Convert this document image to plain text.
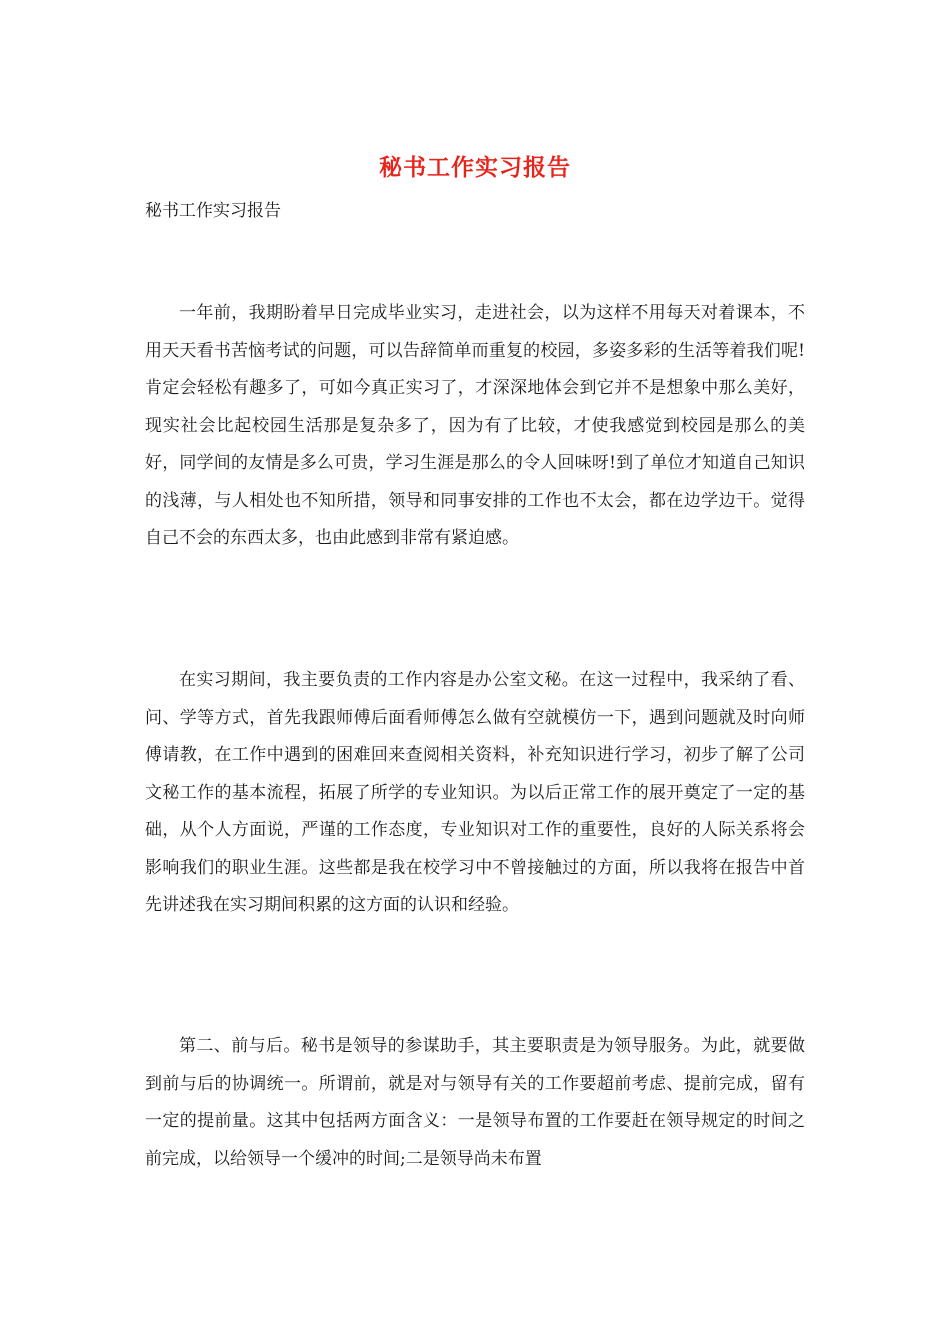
秘书工作实习报告
秘书工作实习报告

一年前，我期盼着早日完成毕业实习，走进社会，以为这样不用每天对着课本，不用天天看书苦恼考试的问题，可以告辞简单而重复的校园，多姿多彩的生活等着我们呢!肯定会轻松有趣多了，可如今真正实习了，才深深地体会到它并不是想象中那么美好，现实社会比起校园生活那是复杂多了，因为有了比较，才使我感觉到校园是那么的美好，同学间的友情是多么可贵，学习生涯是那么的令人回味呀!到了单位才知道自己知识的浅薄，与人相处也不知所措，领导和同事安排的工作也不太会，都在边学边干。觉得自己不会的东西太多，也由此感到非常有紧迫感。

在实习期间，我主要负责的工作内容是办公室文秘。在这一过程中，我采纳了看、问、学等方式，首先我跟师傅后面看师傅怎么做有空就模仿一下，遇到问题就及时向师傅请教，在工作中遇到的困难回来查阅相关资料，补充知识进行学习，初步了解了公司文秘工作的基本流程，拓展了所学的专业知识。为以后正常工作的展开奠定了一定的基础，从个人方面说，严谨的工作态度，专业知识对工作的重要性，良好的人际关系将会影响我们的职业生涯。这些都是我在校学习中不曾接触过的方面，所以我将在报告中首先讲述我在实习期间积累的这方面的认识和经验。

第二、前与后。秘书是领导的参谋助手，其主要职责是为领导服务。为此，就要做到前与后的协调统一。所谓前，就是对与领导有关的工作要超前考虑、提前完成，留有一定的提前量。这其中包括两方面含义：一是领导布置的工作要赶在领导规定的时间之前完成，以给领导一个缓冲的时间;二是领导尚未布置
